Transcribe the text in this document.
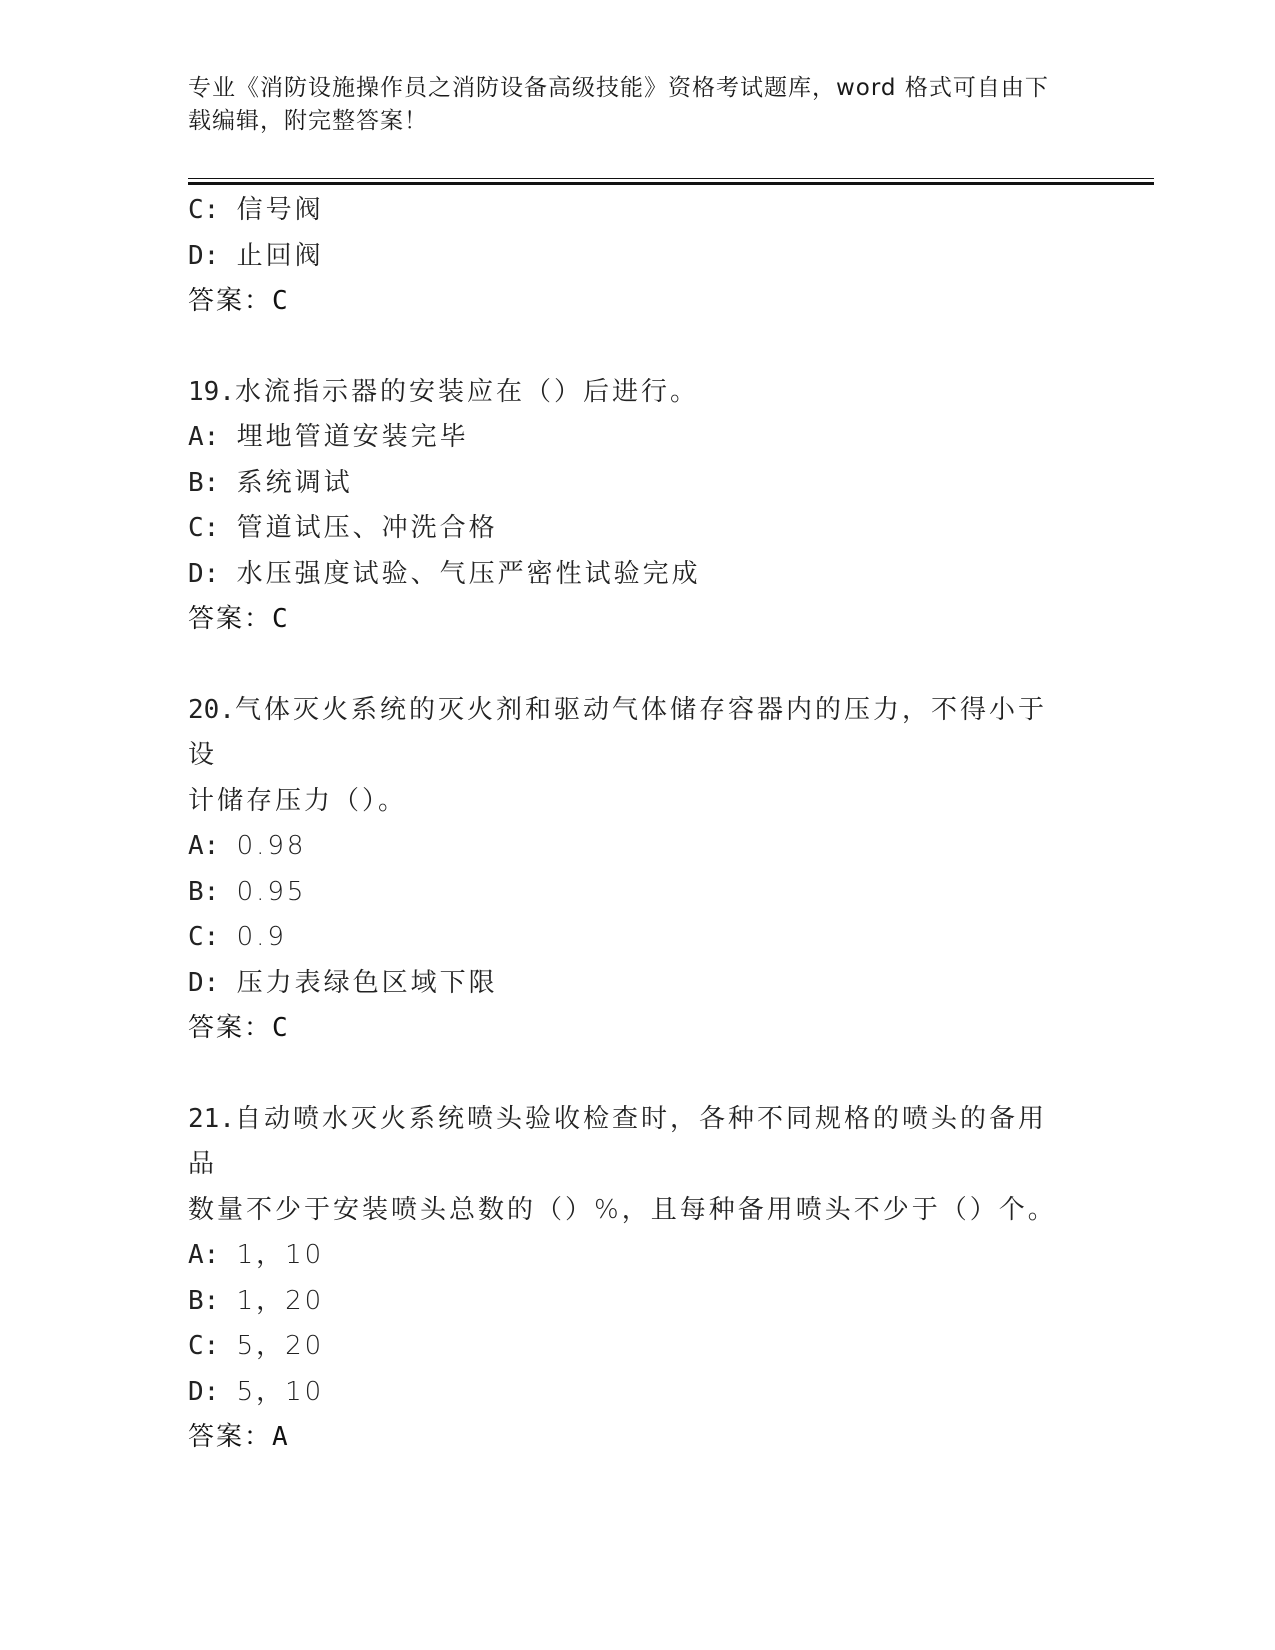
专业《消防设施操作员之消防设备高级技能》资格考试题库，word 格式可自由下
载编辑，附完整答案！
C: 信号阀
D: 止回阀
答案：C
19.水流指示器的安装应在（）后进行。
A: 埋地管道安装完毕
B: 系统调试
C: 管道试压、冲洗合格
D: 水压强度试验、气压严密性试验完成
答案：C
20.气体灭火系统的灭火剂和驱动气体储存容器内的压力，不得小于设
计储存压力（）。
A: 0.98
B: 0.95
C: 0.9
D: 压力表绿色区域下限
答案：C
21.自动喷水灭火系统喷头验收检查时，各种不同规格的喷头的备用品
数量不少于安装喷头总数的（）%，且每种备用喷头不少于（）个。
A: 1，10
B: 1，20
C: 5，20
D: 5，10
答案：A
